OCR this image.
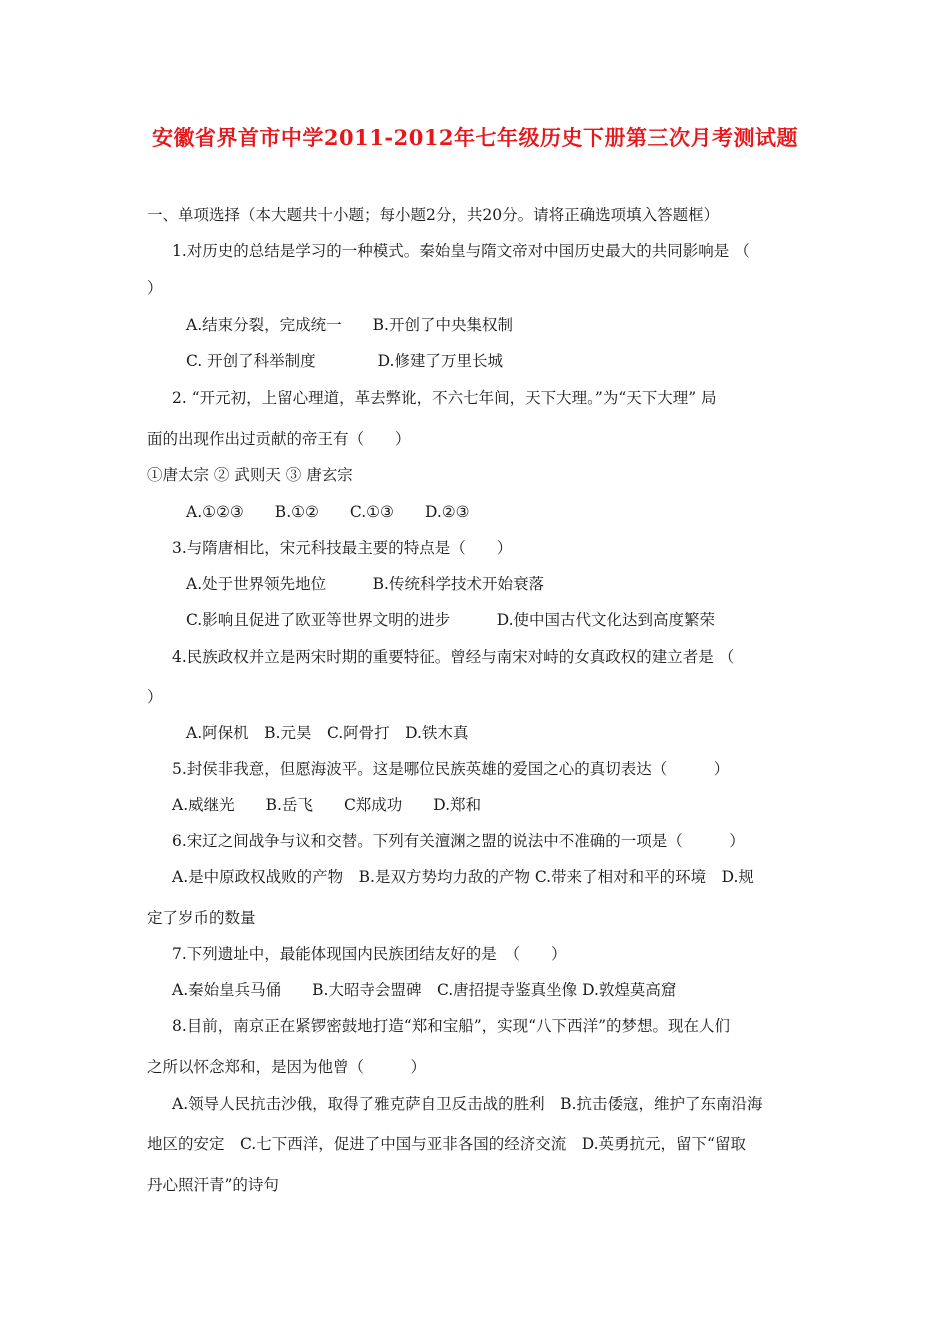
安徽省界首市中学2011-2012年七年级历史下册第三次月考测试题
一、单项选择（本大题共十小题；每小题2分，共20分。请将正确选项填入答题框）
1.对历史的总结是学习的一种模式。秦始皇与隋文帝对中国历史最大的共同影响是 （
）
A.结束分裂，完成统一　　B.开创了中央集权制
C. 开创了科举制度　　　　D.修建了万里长城
2. “开元初，上留心理道，革去弊讹，不六七年间，天下大理。”为“天下大理” 局
面的出现作出过贡献的帝王有（　　）
①唐太宗 ② 武则天 ③ 唐玄宗
A.①②③　　B.①②　　C.①③　　D.②③
3.与隋唐相比，宋元科技最主要的特点是（　　）
A.处于世界领先地位　　　B.传统科学技术开始衰落
C.影响且促进了欧亚等世界文明的进步　　　D.使中国古代文化达到高度繁荣
4.民族政权并立是两宋时期的重要特征。曾经与南宋对峙的女真政权的建立者是 （
）
A.阿保机　B.元昊　C.阿骨打　D.铁木真
5.封侯非我意，但愿海波平。这是哪位民族英雄的爱国之心的真切表达（　　　）
A.威继光　　B.岳飞　　C郑成功　　D.郑和
6.宋辽之间战争与议和交替。下列有关澶渊之盟的说法中不准确的一项是（　　　）
A.是中原政权战败的产物　B.是双方势均力敌的产物 C.带来了相对和平的环境　D.规
定了岁币的数量
7.下列遗址中，最能体现国内民族团结友好的是　（　　）
A.秦始皇兵马俑　　B.大昭寺会盟碑　C.唐招提寺鉴真坐像 D.敦煌莫高窟
8.目前，南京正在紧锣密鼓地打造“郑和宝船”，实现“八下西洋”的梦想。现在人们
之所以怀念郑和，是因为他曾（　　　）
A.领导人民抗击沙俄，取得了雅克萨自卫反击战的胜利　B.抗击倭寇，维护了东南沿海
地区的安定　C.七下西洋，促进了中国与亚非各国的经济交流　D.英勇抗元，留下“留取
丹心照汗青”的诗句
